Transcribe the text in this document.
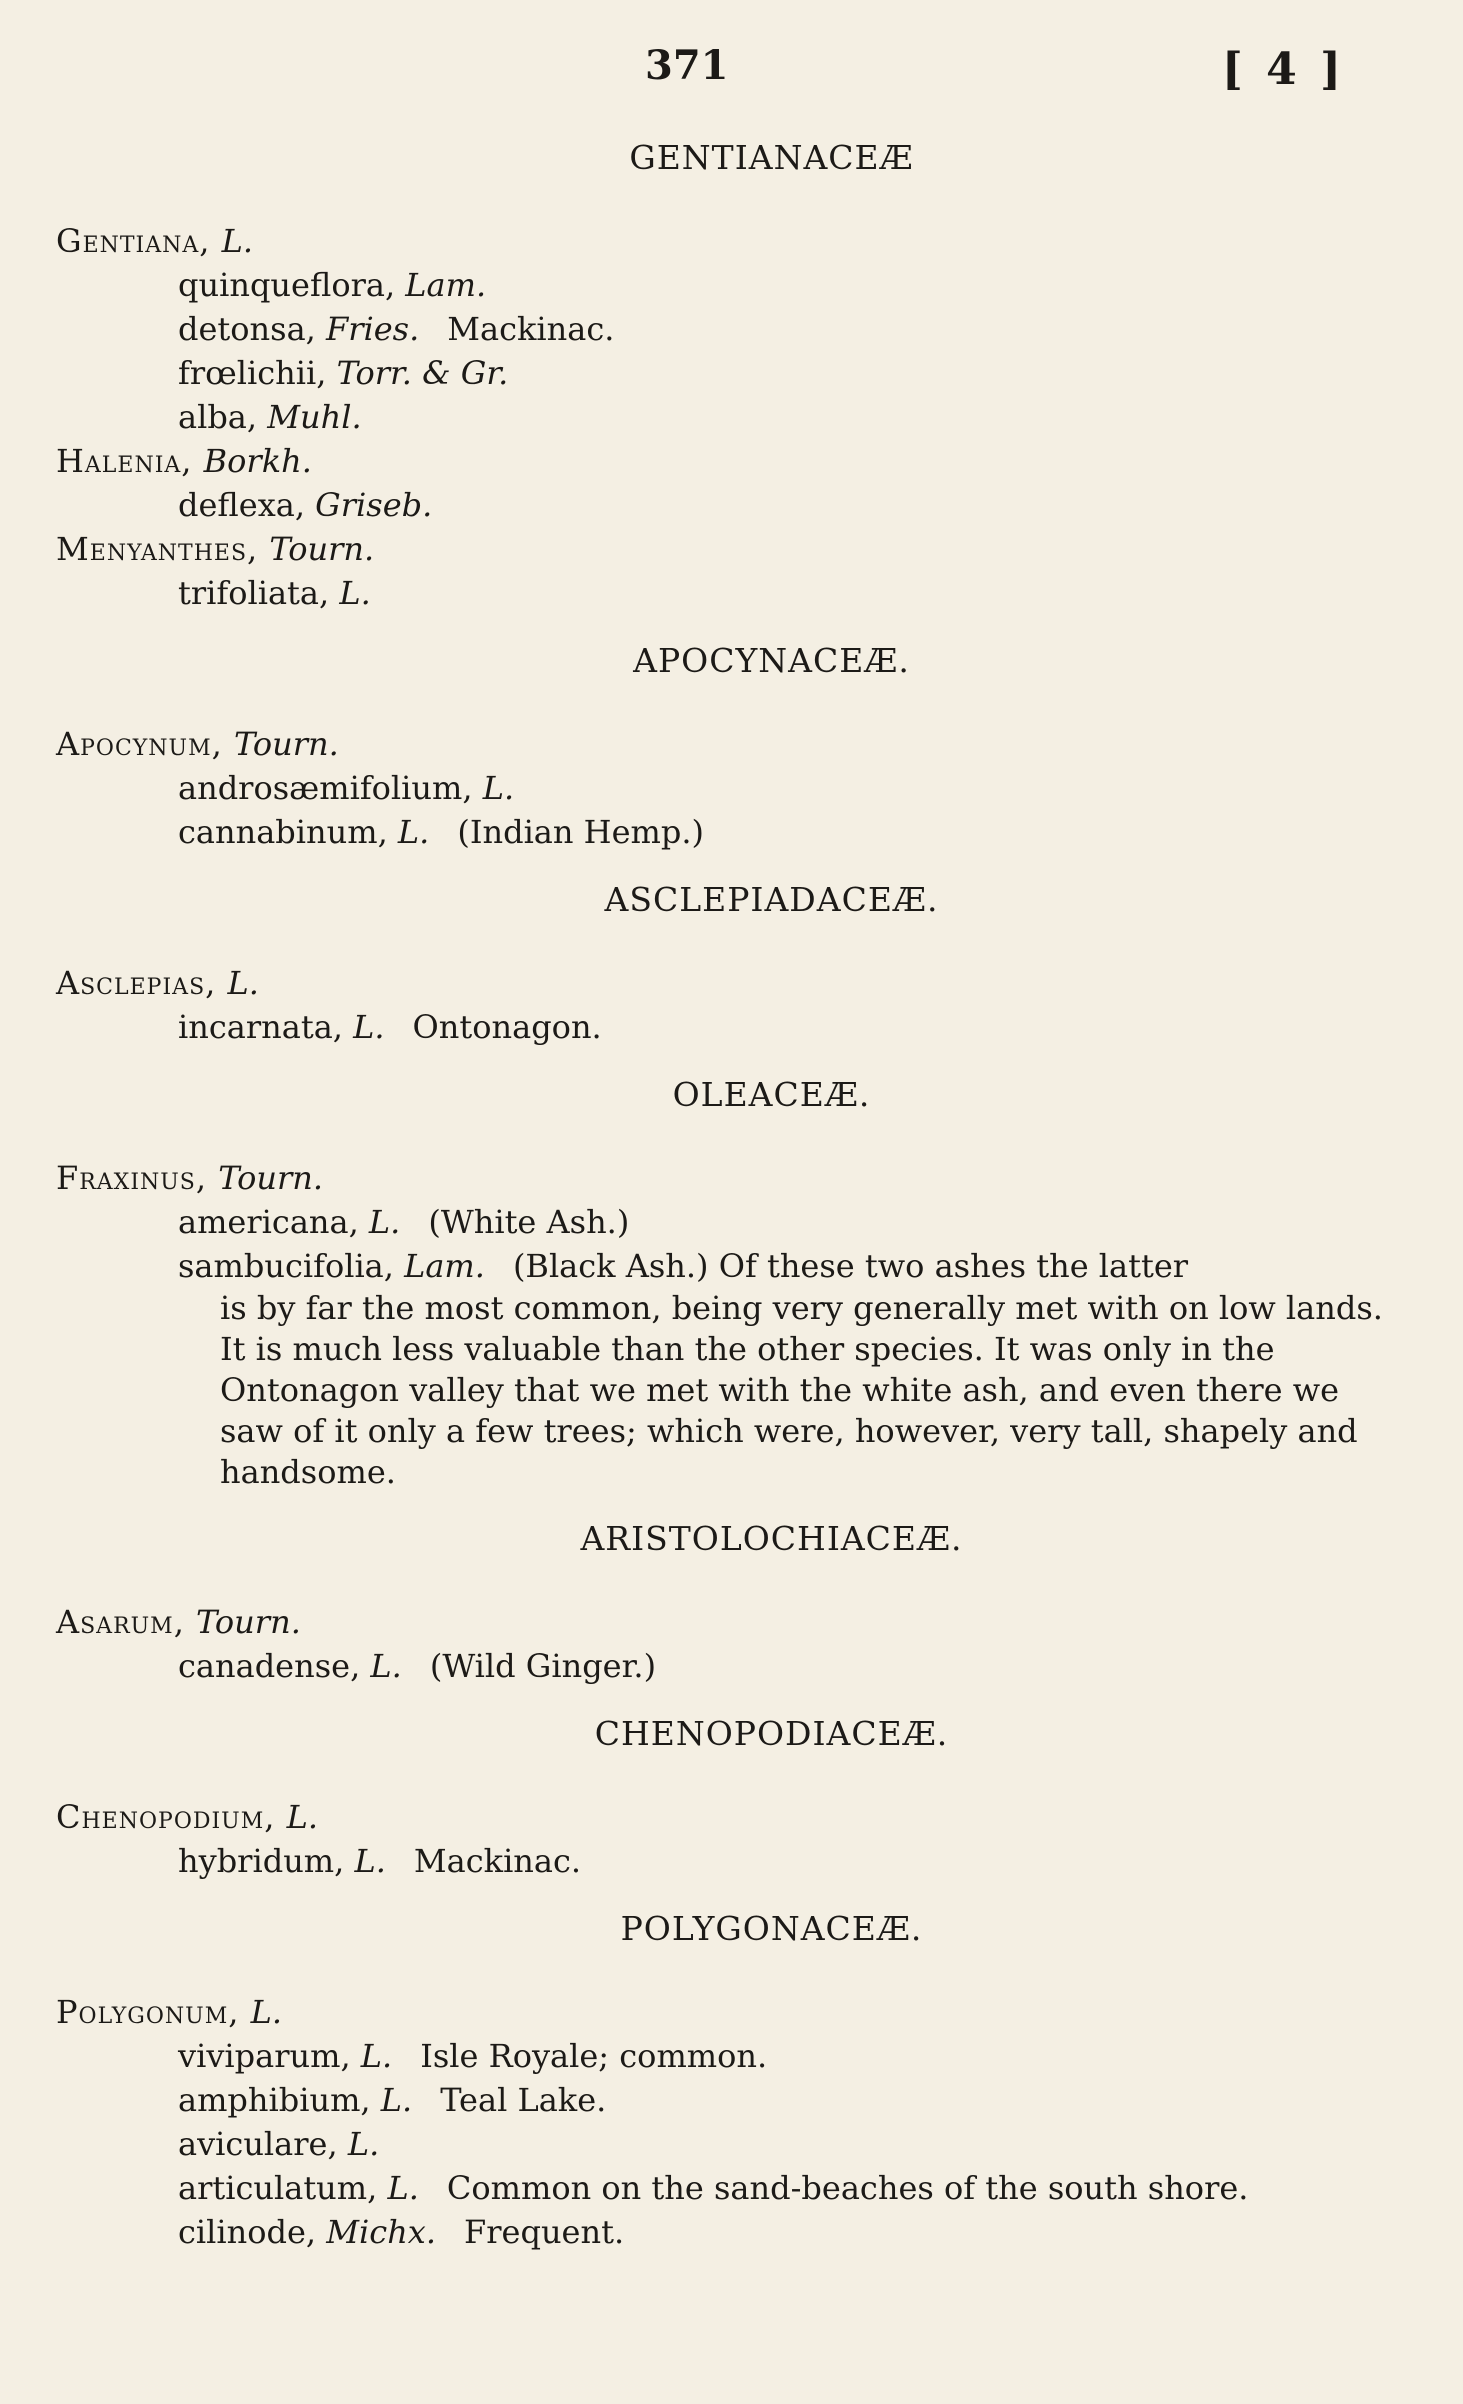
371	[ 4 ]
GENTIANACEÆ
Gentiana, L.
quinqueflora, Lam.
detonsa, Fries. Mackinac.
frœlichii, Torr. & Gr.
alba, Muhl.
Halenia, Borkh.
deflexa, Griseb.
Menyanthes, Tourn.
trifoliata, L.
APOCYNACEÆ.
Apocynum, Tourn.
androsæmifolium, L.
cannabinum, L. (Indian Hemp.)
ASCLEPIADACEÆ.
Asclepias, L.
incarnata, L. Ontonagon.
OLEACEÆ.
Fraxinus, Tourn.
americana, L. (White Ash.)
sambucifolia, Lam. (Black Ash.) Of these two ashes the latter
is by far the most common, being very generally met with on low lands. It is much less valuable than the other species. It was only in the Ontonagon valley that we met with the white ash, and even there we saw of it only a few trees; which were, however, very tall, shapely and handsome.
ARISTOLOCHIACEÆ.
Asarum, Tourn.
canadense, L. (Wild Ginger.)
CHENOPODIACEÆ.
Chenopodium, L.
hybridum, L. Mackinac.
POLYGONACEÆ.
Polygonum, L.
viviparum, L. Isle Royale; common.
amphibium, L. Teal Lake.
aviculare, L.
articulatum, L. Common on the sand-beaches of the south shore.
cilinode, Michx. Frequent.
